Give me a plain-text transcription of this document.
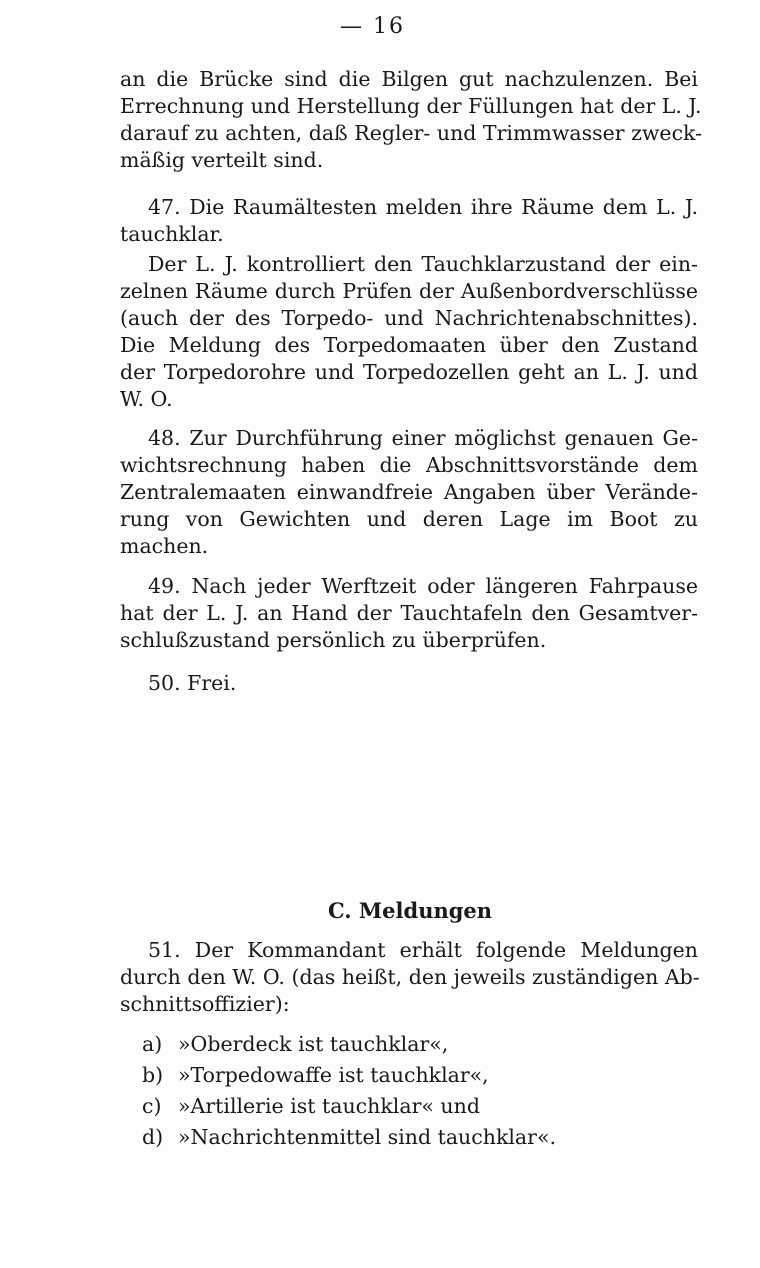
— 16
an die Brücke sind die Bilgen gut nachzulenzen. Bei
Errechnung und Herstellung der Füllungen hat der L. J.
darauf zu achten, daß Regler- und Trimmwasser zweck-
mäßig verteilt sind.
47. Die Raumältesten melden ihre Räume dem L. J.
tauchklar.
Der L. J. kontrolliert den Tauchklarzustand der ein-
zelnen Räume durch Prüfen der Außenbordverschlüsse
(auch der des Torpedo- und Nachrichtenabschnittes).
Die Meldung des Torpedomaaten über den Zustand
der Torpedorohre und Torpedozellen geht an L. J. und
W. O.
48. Zur Durchführung einer möglichst genauen Ge-
wichtsrechnung haben die Abschnittsvorstände dem
Zentralemaaten einwandfreie Angaben über Verände-
rung von Gewichten und deren Lage im Boot zu
machen.
49. Nach jeder Werftzeit oder längeren Fahrpause
hat der L. J. an Hand der Tauchtafeln den Gesamtver-
schlußzustand persönlich zu überprüfen.
50. Frei.
C. Meldungen
51. Der Kommandant erhält folgende Meldungen
durch den W. O. (das heißt, den jeweils zuständigen Ab-
schnittsoffizier):
a) »Oberdeck ist tauchklar«,
b) »Torpedowaffe ist tauchklar«,
c) »Artillerie ist tauchklar« und
d) »Nachrichtenmittel sind tauchklar«.
